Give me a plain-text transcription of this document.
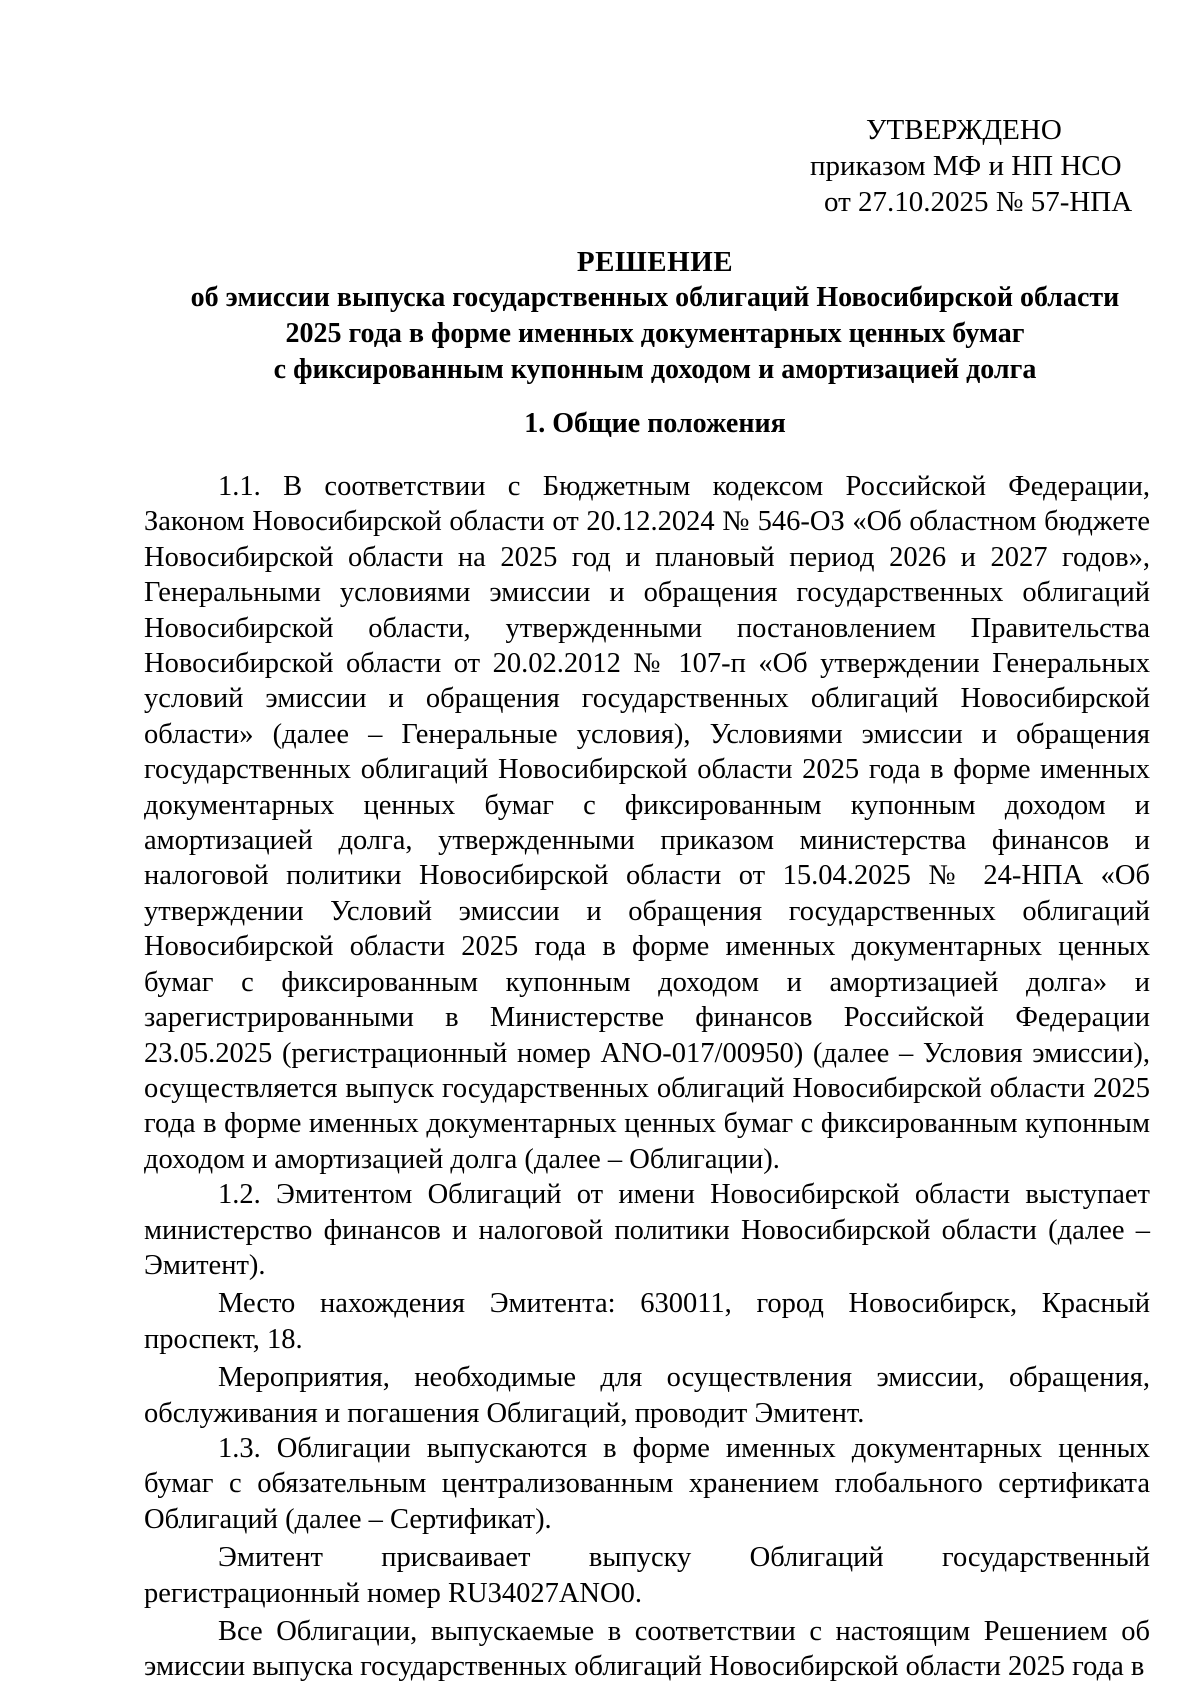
УТВЕРЖДЕНО
приказом МФ и НП НСО
от 27.10.2025 № 57-НПА
РЕШЕНИЕ
об эмиссии выпуска государственных облигаций Новосибирской области
2025 года в форме именных документарных ценных бумаг
с фиксированным купонным доходом и амортизацией долга
1. Общие положения

1.1. В соответствии с Бюджетным кодексом Российской Федерации, Законом Новосибирской области от 20.12.2024 № 546-ОЗ «Об областном бюджете Новосибирской области на 2025 год и плановый период 2026 и 2027 годов», Генеральными условиями эмиссии и обращения государственных облигаций Новосибирской области, утвержденными постановлением Правительства Новосибирской области от 20.02.2012 № 107-п «Об утверждении Генеральных условий эмиссии и обращения государственных облигаций Новосибирской области» (далее – Генеральные условия), Условиями эмиссии и обращения государственных облигаций Новосибирской области 2025 года в форме именных документарных ценных бумаг с фиксированным купонным доходом и амортизацией долга, утвержденными приказом министерства финансов и налоговой политики Новосибирской области от 15.04.2025 № 24-НПА «Об утверждении Условий эмиссии и обращения государственных облигаций Новосибирской области 2025 года в форме именных документарных ценных бумаг с фиксированным купонным доходом и амортизацией долга» и зарегистрированными в Министерстве финансов Российской Федерации 23.05.2025 (регистрационный номер ANO-017/00950) (далее – Условия эмиссии), осуществляется выпуск государственных облигаций Новосибирской области 2025 года в форме именных документарных ценных бумаг с фиксированным купонным доходом и амортизацией долга (далее – Облигации).

1.2. Эмитентом Облигаций от имени Новосибирской области выступает министерство финансов и налоговой политики Новосибирской области (далее – Эмитент).

Место нахождения Эмитента: 630011, город Новосибирск, Красный проспект, 18.

Мероприятия, необходимые для осуществления эмиссии, обращения, обслуживания и погашения Облигаций, проводит Эмитент.

1.3. Облигации выпускаются в форме именных документарных ценных бумаг с обязательным централизованным хранением глобального сертификата Облигаций (далее – Сертификат).

Эмитент присваивает выпуску Облигаций государственный регистрационный номер RU34027ANO0.

Все Облигации, выпускаемые в соответствии с настоящим Решением об эмиссии выпуска государственных облигаций Новосибирской области 2025 года в
